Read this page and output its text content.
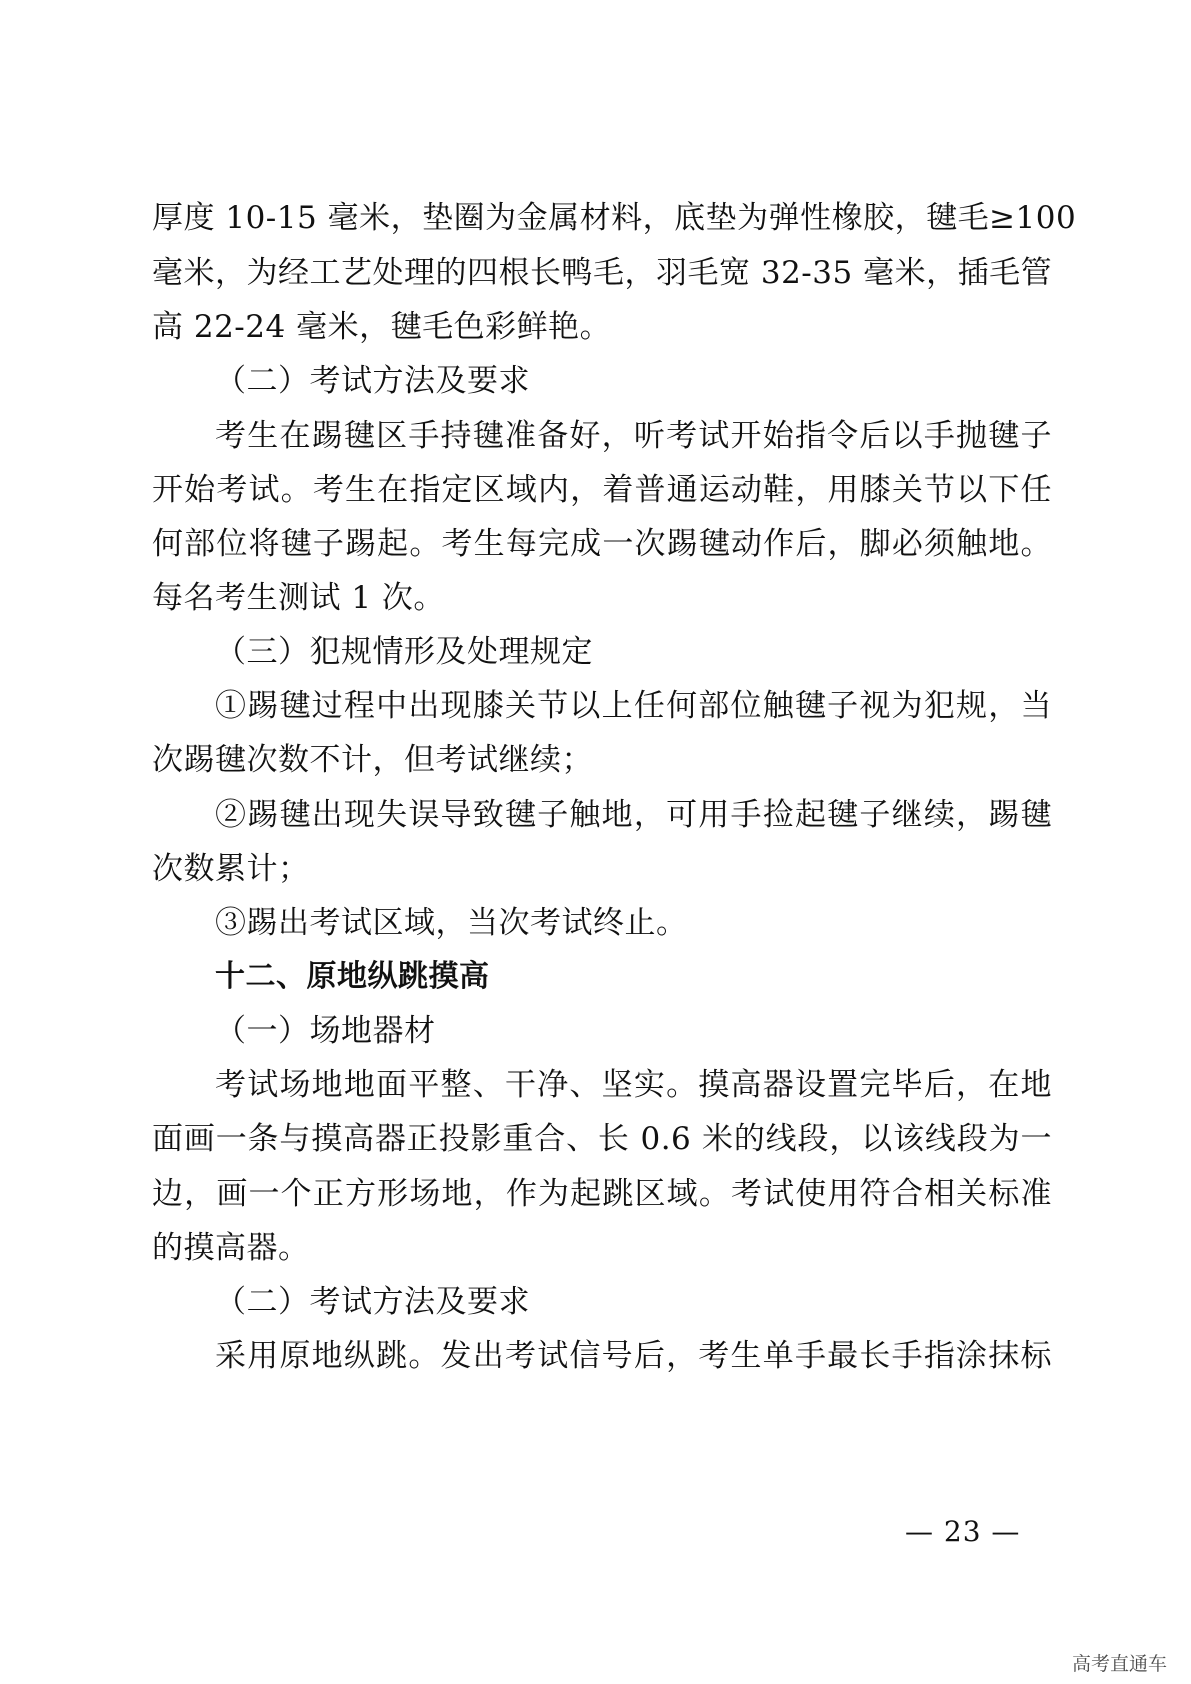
厚度 10-15 毫米，垫圈为金属材料，底垫为弹性橡胶，毽毛≥100
毫米，为经工艺处理的四根长鸭毛，羽毛宽 32-35 毫米，插毛管
高 22-24 毫米，毽毛色彩鲜艳。
（二）考试方法及要求
考生在踢毽区手持毽准备好，听考试开始指令后以手抛毽子
开始考试。考生在指定区域内，着普通运动鞋，用膝关节以下任
何部位将毽子踢起。考生每完成一次踢毽动作后，脚必须触地。
每名考生测试 1 次。
（三）犯规情形及处理规定
①踢毽过程中出现膝关节以上任何部位触毽子视为犯规，当
次踢毽次数不计，但考试继续；
②踢毽出现失误导致毽子触地，可用手捡起毽子继续，踢毽
次数累计；
③踢出考试区域，当次考试终止。
十二、原地纵跳摸高
（一）场地器材
考试场地地面平整、干净、坚实。摸高器设置完毕后，在地
面画一条与摸高器正投影重合、长 0.6 米的线段，以该线段为一
边，画一个正方形场地，作为起跳区域。考试使用符合相关标准
的摸高器。
（二）考试方法及要求
采用原地纵跳。发出考试信号后，考生单手最长手指涂抹标
— 23 —
高考直通车
